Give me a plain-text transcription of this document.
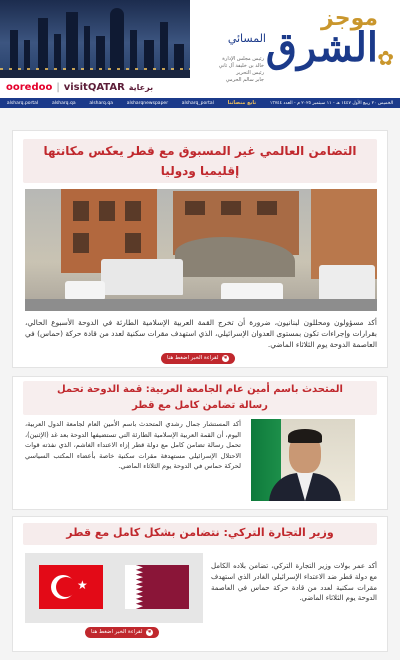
موجز
الشرق
المسائي
✿
رئيس مجلس الإدارة
خالد بن خليفة آل ثاني
رئيس التحرير
جابر سالم الحرمي
ooredoo | visitQATAR برعاية
الخميس ٢٠ ربيع الأول ١٤٤٧ هـ - ١١ سبتمبر ٢٠٢٥ م - العدد ١٣٧٤٤
تابع منصاتنا
alsharq_portal
alsharqnewspaper
alsharq.qa
alsharq.qa
alsharq.portal
التضامن العالمي غير المسبوق مع قطر يعكس مكانتها إقليميا ودوليا
أكد مسؤولون ومحللون لبنانيون، ضرورة أن تخرج القمة العربية الإسلامية الطارئة في الدوحة الأسبوع الحالي، بقرارات وإجراءات تكون بمستوى العدوان الإسرائيلي، الذي استهدف مقرات سكنية لعدد من قادة حركة (حماس) في العاصمة الدوحة يوم الثلاثاء الماضي.
☚
لقراءة الخبر اضغط هنا
المتحدث باسم أمين عام الجامعة العربية: قمة الدوحة تحمل رسالة تضامن كامل مع قطر
أكد المستشار جمال رشدي المتحدث باسم الأمين العام لجامعة الدول العربية، اليوم، أن القمة العربية الإسلامية الطارئة التي تستضيفها الدوحة بعد غد (الإثنين)، تحمل رسالة تضامن كامل مع دولة قطر إزاء الاعتداء الغاشم، الذي نفذته قوات الاحتلال الإسرائيلي مستهدفة مقرات سكنية خاصة بأعضاء المكتب السياسي لحركة حماس في الدوحة يوم الثلاثاء الماضي.
وزير التجارة التركي: نتضامن بشكل كامل مع قطر
★
☚
لقراءة الخبر اضغط هنا
أكد عمر بولات وزير التجارة التركي، تضامن بلاده الكامل مع دولة قطر ضد الاعتداء الإسرائيلي الغادر الذي استهدف مقرات سكنية لعدد من قادة حركة حماس في العاصمة الدوحة يوم الثلاثاء الماضي.
